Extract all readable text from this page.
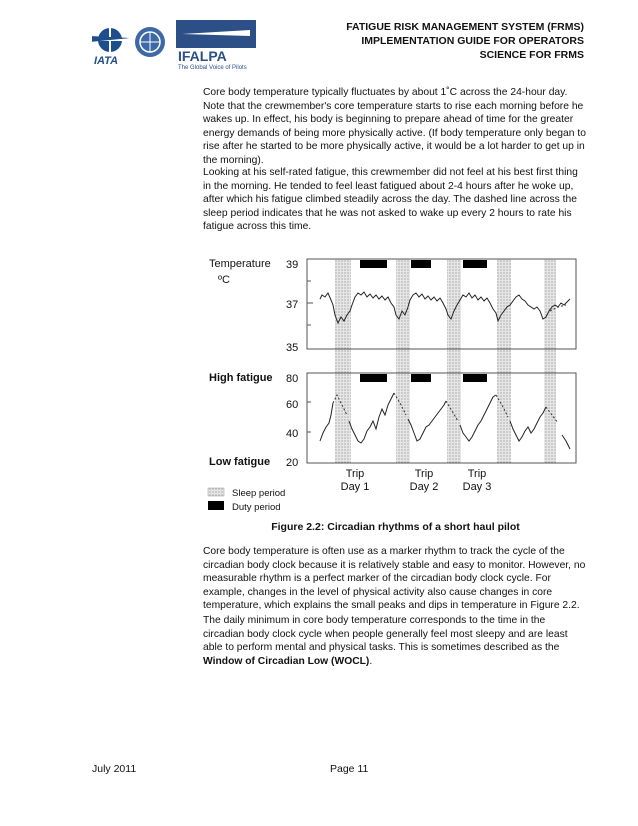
IATA
ICAO
IFALPA
The Global Voice of Pilots
FATIGUE RISK MANAGEMENT SYSTEM (FRMS)
IMPLEMENTATION GUIDE FOR OPERATORS
SCIENCE FOR FRMS

Core body temperature typically fluctuates by about 1˚C across the 24-hour day. Note that the crewmember's core temperature starts to rise each morning before he wakes up. In effect, his body is beginning to prepare ahead of time for the greater energy demands of being more physically active. (If body temperature only began to rise after he started to be more physically active, it would be a lot harder to get up in the morning).

Looking at his self-rated fatigue, this crewmember did not feel at his best first thing in the morning. He tended to feel least fatigued about 2-4 hours after he woke up, after which his fatigue climbed steadily across the day. The dashed line across the sleep period indicates that he was not asked to wake up every 2 hours to rate his fatigue across this time.

Temperature
ºC
High fatigue
Low fatigue
39
37
35
80
60
40
20
Trip
Day 1
Trip
Day 2
Trip
Day 3
Sleep period
Duty period
Figure 2.2: Circadian rhythms of a short haul pilot

Core body temperature is often use as a marker rhythm to track the cycle of the circadian body clock because it is relatively stable and easy to monitor. However, no measurable rhythm is a perfect marker of the circadian body clock cycle. For example, changes in the level of physical activity also cause changes in core temperature, which explains the small peaks and dips in temperature in Figure 2.2.

The daily minimum in core body temperature corresponds to the time in the circadian body clock cycle when people generally feel most sleepy and are least able to perform mental and physical tasks. This is sometimes described as the Window of Circadian Low (WOCL).

July 2011	Page 11
